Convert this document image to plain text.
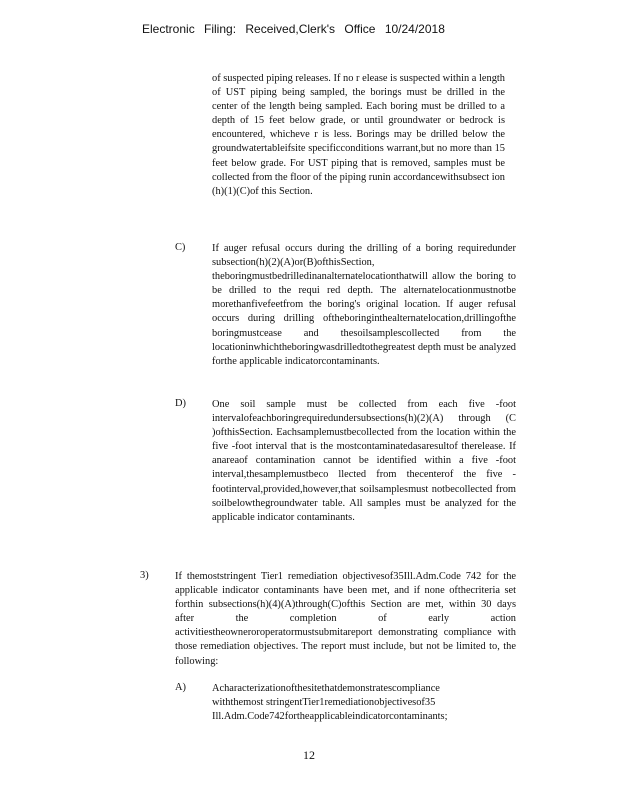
Electronic Filing: Received,Clerk's Office 10/24/2018

of suspected piping releases. If no r elease is suspected within a length of UST piping being sampled, the borings must be drilled in the center of the length being sampled. Each boring must be drilled to a depth of 15 feet below grade, or until groundwater or bedrock is encountered, whicheve r is less. Borings may be drilled below the groundwatertableifsite specificconditions warrant,but no more than 15 feet below grade. For UST piping that is removed, samples must be collected from the floor of the piping runin accordancewithsubsect ion (h)(1)(C)of this Section.

C)	If auger refusal occurs during the drilling of a boring requiredunder subsection(h)(2)(A)or(B)ofthisSection, theboringmustbedrilledinanalternatelocationthatwill allow the boring to be drilled to the requi red depth. The alternatelocationmustnotbe morethanfivefeetfrom the boring's original location. If auger refusal occurs during drilling oftheboringinthealternatelocation,drillingofthe boringmustcease and thesoilsamplescollected from the locationinwhichtheboringwasdrilledtothegreatest depth must be analyzed forthe applicable indicatorcontaminants.

D)	One soil sample must be collected from each five -foot intervalofeachboringrequiredundersubsections(h)(2)(A) through (C )ofthisSection. Eachsamplemustbecollected from the location within the five -foot interval that is the mostcontaminatedasaresultof therelease. If anareaof contamination cannot be identified within a five -foot interval,thesamplemustbeco llected from thecenterof the five -footinterval,provided,however,that soilsamplesmust notbecollected from soilbelowthegroundwater table. All samples must be analyzed for the applicable indicator contaminants.

3)	If themoststringent Tier1 remediation objectivesof35Ill.Adm.Code 742 for the applicable indicator contaminants have been met, and if none ofthecriteria set forthin subsections(h)(4)(A)through(C)ofthis Section are met, within 30 days after the completion of early action activitiestheowneroroperatormustsubmitareport demonstrating compliance with those remediation objectives. The report must include, but not be limited to, the following:

A)	Acharacterizationofthesitethatdemonstratescompliance withthemost stringentTier1remediationobjectivesof35 Ill.Adm.Code742fortheapplicableindicatorcontaminants;

12
